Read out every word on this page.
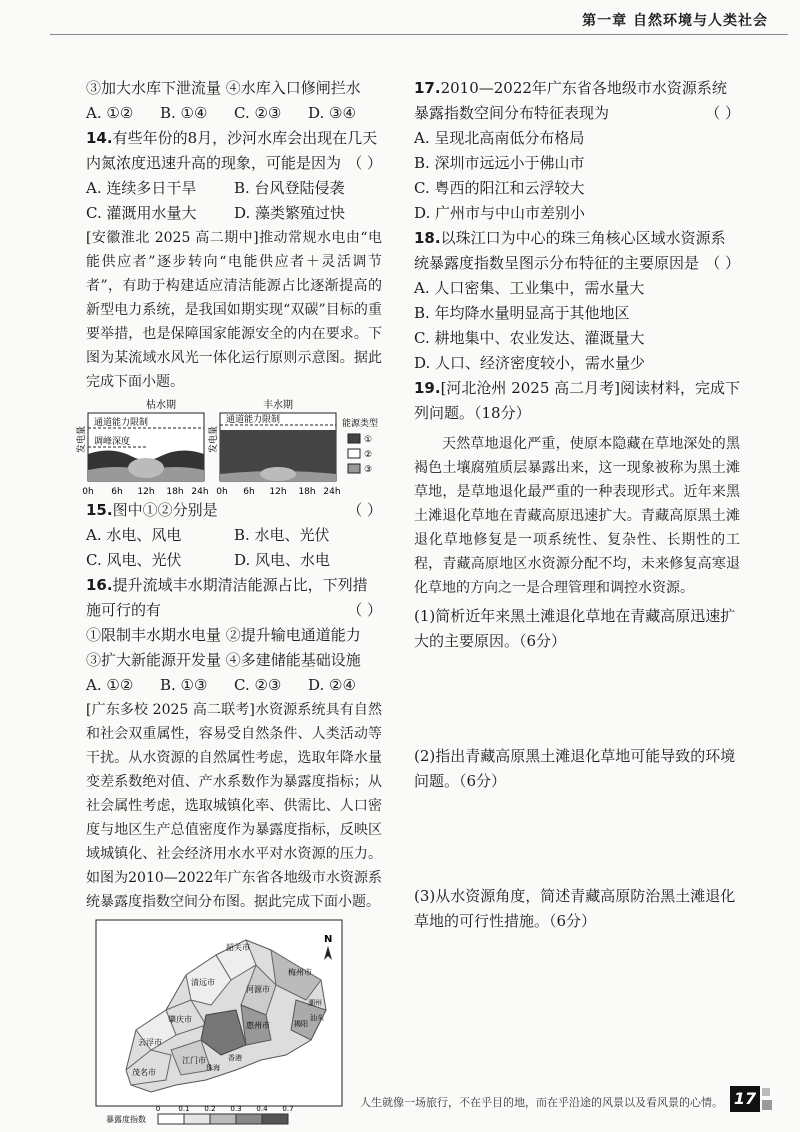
第一章 自然环境与人类社会

③加大水库下泄流量 ④水库入口修闸拦水

A. ①②	B. ①④	C. ②③	D. ③④

14.有些年份的8月，沙河水库会出现在几天内氮浓度迅速升高的现象，可能是因为 （ ）

A. 连续多日干旱	B. 台风登陆侵袭
C. 灌溉用水量大	D. 藻类繁殖过快

[安徽淮北 2025 高二期中]推动常规水电由“电能供应者”逐步转向“电能供应者＋灵活调节者”，有助于构建适应清洁能源占比逐渐提高的新型电力系统，是我国如期实现“双碳”目标的重要举措，也是保障国家能源安全的内在要求。下图为某流域水风光一体化运行原则示意图。据此完成下面小题。

枯水期	丰水期
通道能力限制
调峰深度
通道能力限制
发电量	发电量
0h 6h 12h 18h 24h 0h 6h 12h 18h 24h
能源类型
①
②
③

15.图中①②分别是	（ ）

A. 水电、风电	B. 水电、光伏
C. 风电、光伏	D. 风电、水电

16.提升流域丰水期清洁能源占比，下列措施可行的有	（ ）

①限制丰水期水电量 ②提升输电通道能力

③扩大新能源开发量 ④多建储能基础设施

A. ①②	B. ①③	C. ②③	D. ②④

[广东多校 2025 高二联考]水资源系统具有自然和社会双重属性，容易受自然条件、人类活动等干扰。从水资源的自然属性考虑，选取年降水量变差系数绝对值、产水系数作为暴露度指标；从社会属性考虑，选取城镇化率、供需比、人口密度与地区生产总值密度作为暴露度指标，反映区域城镇化、社会经济用水水平对水资源的压力。如图为2010—2022年广东省各地级市水资源系统暴露度指数空间分布图。据此完成下面小题。

韶关市
梅州市
清远市
河源市
肇庆市
惠州市
云浮市
江门市
茂名市
潮州
汕头
揭阳
珠海
香港
N
暴露度指数
0	0.1 0.2 0.3 0.4 0.7

17.2010—2022年广东省各地级市水资源系统暴露指数空间分布特征表现为	（ ）

A. 呈现北高南低分布格局

B. 深圳市远远小于佛山市

C. 粤西的阳江和云浮较大

D. 广州市与中山市差别小

18.以珠江口为中心的珠三角核心区域水资源系统暴露度指数呈图示分布特征的主要原因是 （ ）

A. 人口密集、工业集中，需水量大

B. 年均降水量明显高于其他地区

C. 耕地集中、农业发达、灌溉量大

D. 人口、经济密度较小，需水量少

19.[河北沧州 2025 高二月考]阅读材料，完成下列问题。（18分）

天然草地退化严重，使原本隐藏在草地深处的黑褐色土壤腐殖质层暴露出来，这一现象被称为黑土滩草地，是草地退化最严重的一种表现形式。近年来黑土滩退化草地在青藏高原迅速扩大。青藏高原黑土滩退化草地修复是一项系统性、复杂性、长期性的工程，青藏高原地区水资源分配不均，未来修复高寒退化草地的方向之一是合理管理和调控水资源。

(1)简析近年来黑土滩退化草地在青藏高原迅速扩大的主要原因。（6分）

(2)指出青藏高原黑土滩退化草地可能导致的环境问题。（6分）

(3)从水资源角度，简述青藏高原防治黑土滩退化草地的可行性措施。（6分）

人生就像一场旅行，不在乎目的地，而在乎沿途的风景以及看风景的心情。 17
